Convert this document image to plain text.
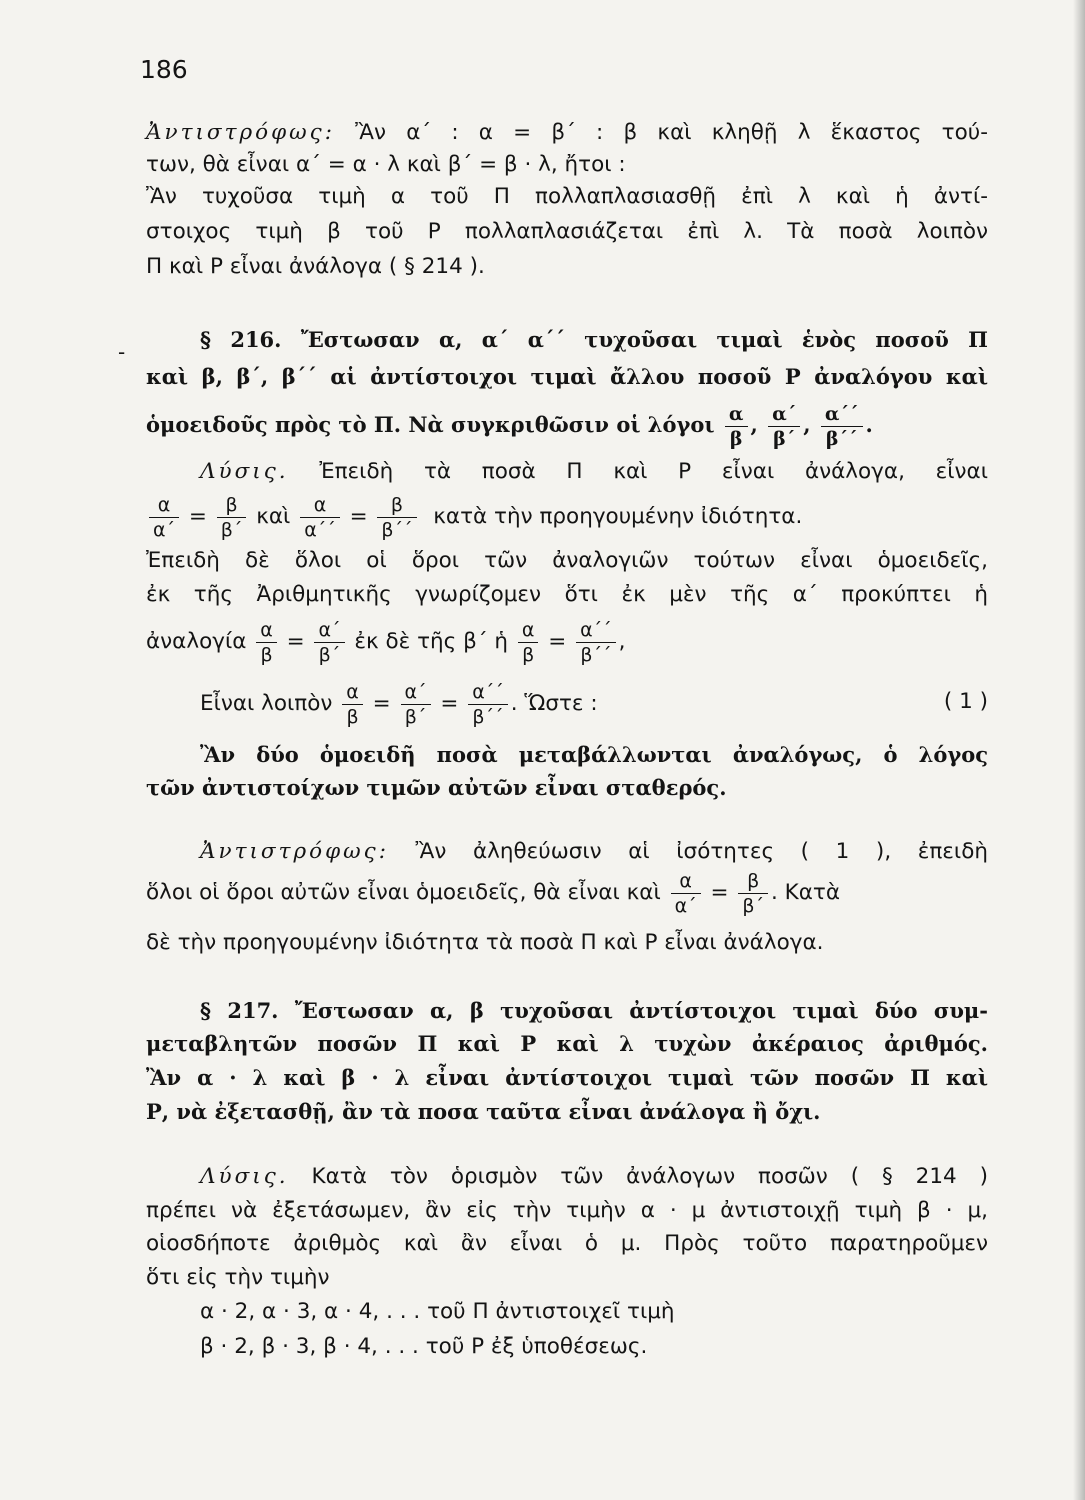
186
Ἀντιστρόφως: Ἂν α΄ : α = β΄ : β καὶ κληθῇ λ ἕκαστος τού-
των, θὰ εἶναι α΄ = α · λ καὶ β΄ = β · λ, ἤτοι :
Ἂν τυχοῦσα τιμὴ α τοῦ Π πολλαπλασιασθῇ ἐπὶ λ καὶ ἡ ἀντί-
στοιχος τιμὴ β τοῦ Ρ πολλαπλασιάζεται ἐπὶ λ. Τὰ ποσὰ λοιπὸν
Π καὶ Ρ εἶναι ἀνάλογα ( § 214 ).
-	§ 216. Ἔστωσαν α, α΄ α΄΄ τυχοῦσαι τιμαὶ ἑνὸς ποσοῦ Π
καὶ β, β΄, β΄΄ αἱ ἀντίστοιχοι τιμαὶ ἄλλου ποσοῦ Ρ ἀναλόγου καὶ
ὁμοειδοῦς πρὸς τὸ Π. Νὰ συγκριθῶσιν οἱ λόγοι $\frac{\alpha}{\beta}$ , $\frac{\alpha΄}{\beta΄}$ , $\frac{\alpha΄΄}{\beta΄΄}$ .
Λύσις. Ἐπειδὴ τὰ ποσὰ Π καὶ Ρ εἶναι ἀνάλογα, εἶναι
$\frac{\alpha}{\alpha΄} = \frac{\beta}{\beta΄}$ καὶ $\frac{\alpha}{\alpha΄΄} = \frac{\beta}{\beta΄΄}$ κατὰ τὴν προηγουμένην ἰδιότητα.
Ἐπειδὴ δὲ ὅλοι οἱ ὅροι τῶν ἀναλογιῶν τούτων εἶναι ὁμοειδεῖς,
ἐκ τῆς Ἀριθμητικῆς γνωρίζομεν ὅτι ἐκ μὲν τῆς α΄ προκύπτει ἡ
ἀναλογία $\frac{\alpha}{\beta} = \frac{\alpha΄}{\beta΄}$ ἐκ δὲ τῆς β΄ ἡ $\frac{\alpha}{\beta} = \frac{\alpha΄΄}{\beta΄΄}$ ,
Εἶναι λοιπὸν $\frac{\alpha}{\beta} = \frac{\alpha΄}{\beta΄} = \frac{\alpha΄΄}{\beta΄΄}$ . Ὥστε :	( 1 )
Ἂν δύο ὁμοειδῆ ποσὰ μεταβάλλωνται ἀναλόγως, ὁ λόγος
τῶν ἀντιστοίχων τιμῶν αὐτῶν εἶναι σταθερός.
Ἀντιστρόφως: Ἂν ἀληθεύωσιν αἱ ἰσότητες ( 1 ), ἐπειδὴ
ὅλοι οἱ ὅροι αὐτῶν εἶναι ὁμοειδεῖς, θὰ εἶναι καὶ $\frac{\alpha}{\alpha΄} = \frac{\beta}{\beta΄}$ . Κατὰ
δὲ τὴν προηγουμένην ἰδιότητα τὰ ποσὰ Π καὶ Ρ εἶναι ἀνάλογα.
§ 217. Ἔστωσαν α, β τυχοῦσαι ἀντίστοιχοι τιμαὶ δύο συμ-
μεταβλητῶν ποσῶν Π καὶ Ρ καὶ λ τυχὼν ἀκέραιος ἀριθμός.
Ἂν α · λ καὶ β · λ εἶναι ἀντίστοιχοι τιμαὶ τῶν ποσῶν Π καὶ
Ρ, νὰ ἐξετασθῇ, ἂν τὰ ποσα ταῦτα εἶναι ἀνάλογα ἢ ὄχι.
Λύσις. Κατὰ τὸν ὁρισμὸν τῶν ἀνάλογων ποσῶν ( § 214 )
πρέπει νὰ ἐξετάσωμεν, ἂν εἰς τὴν τιμὴν α · μ ἀντιστοιχῇ τιμὴ β · μ,
οἱοσδήποτε ἀριθμὸς καὶ ἂν εἶναι ὁ μ. Πρὸς τοῦτο παρατηροῦμεν
ὅτι εἰς τὴν τιμὴν
α · 2, α · 3, α · 4, . . . τοῦ Π ἀντιστοιχεῖ τιμὴ
β · 2, β · 3, β · 4, . . . τοῦ Ρ ἐξ ὑποθέσεως.
